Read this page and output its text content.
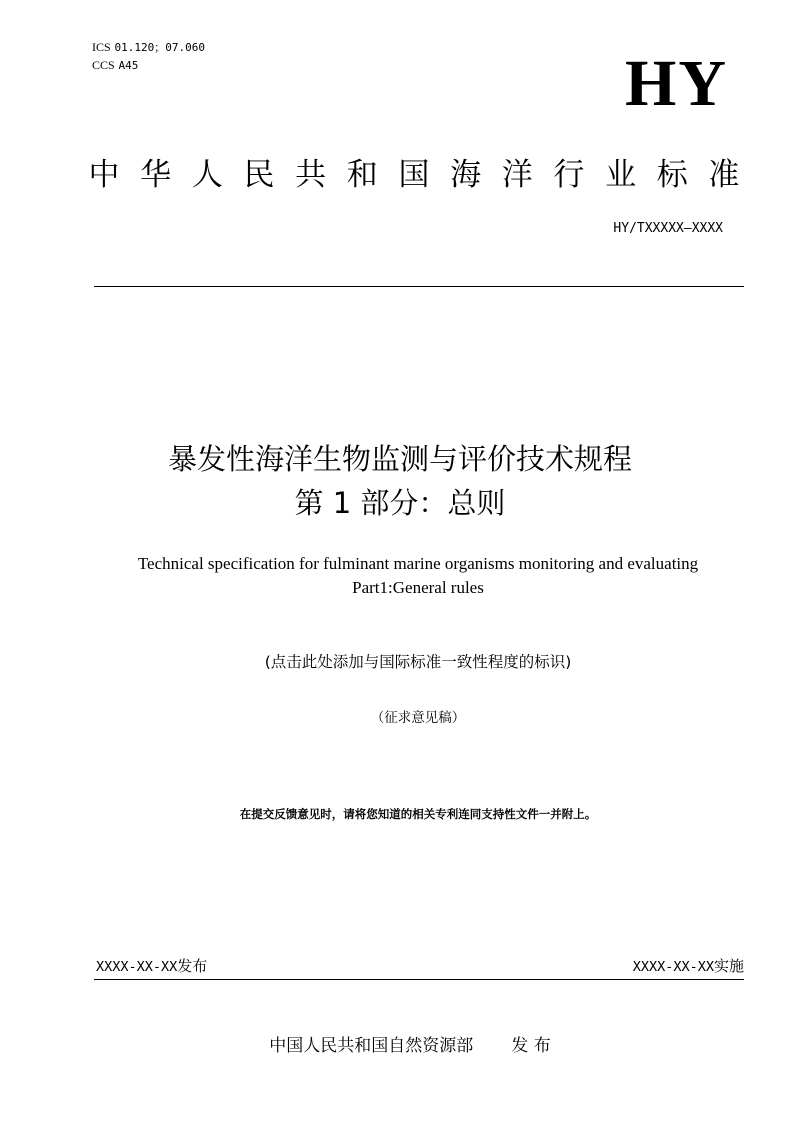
ICS 01.120；07.060
CCS A45	HY
中 华 人 民 共 和 国 海 洋 行 业 标 准
HY/TXXXXX—XXXX
暴发性海洋生物监测与评价技术规程
第 1 部分：总则
Technical specification for fulminant marine organisms monitoring and evaluating
Part1:General rules
(点击此处添加与国际标准一致性程度的标识)
（征求意见稿）
在提交反馈意见时，请将您知道的相关专利连同支持性文件一并附上。
XXXX-XX-XX发布	XXXX-XX-XX实施
中国人民共和国自然资源部 发 布
